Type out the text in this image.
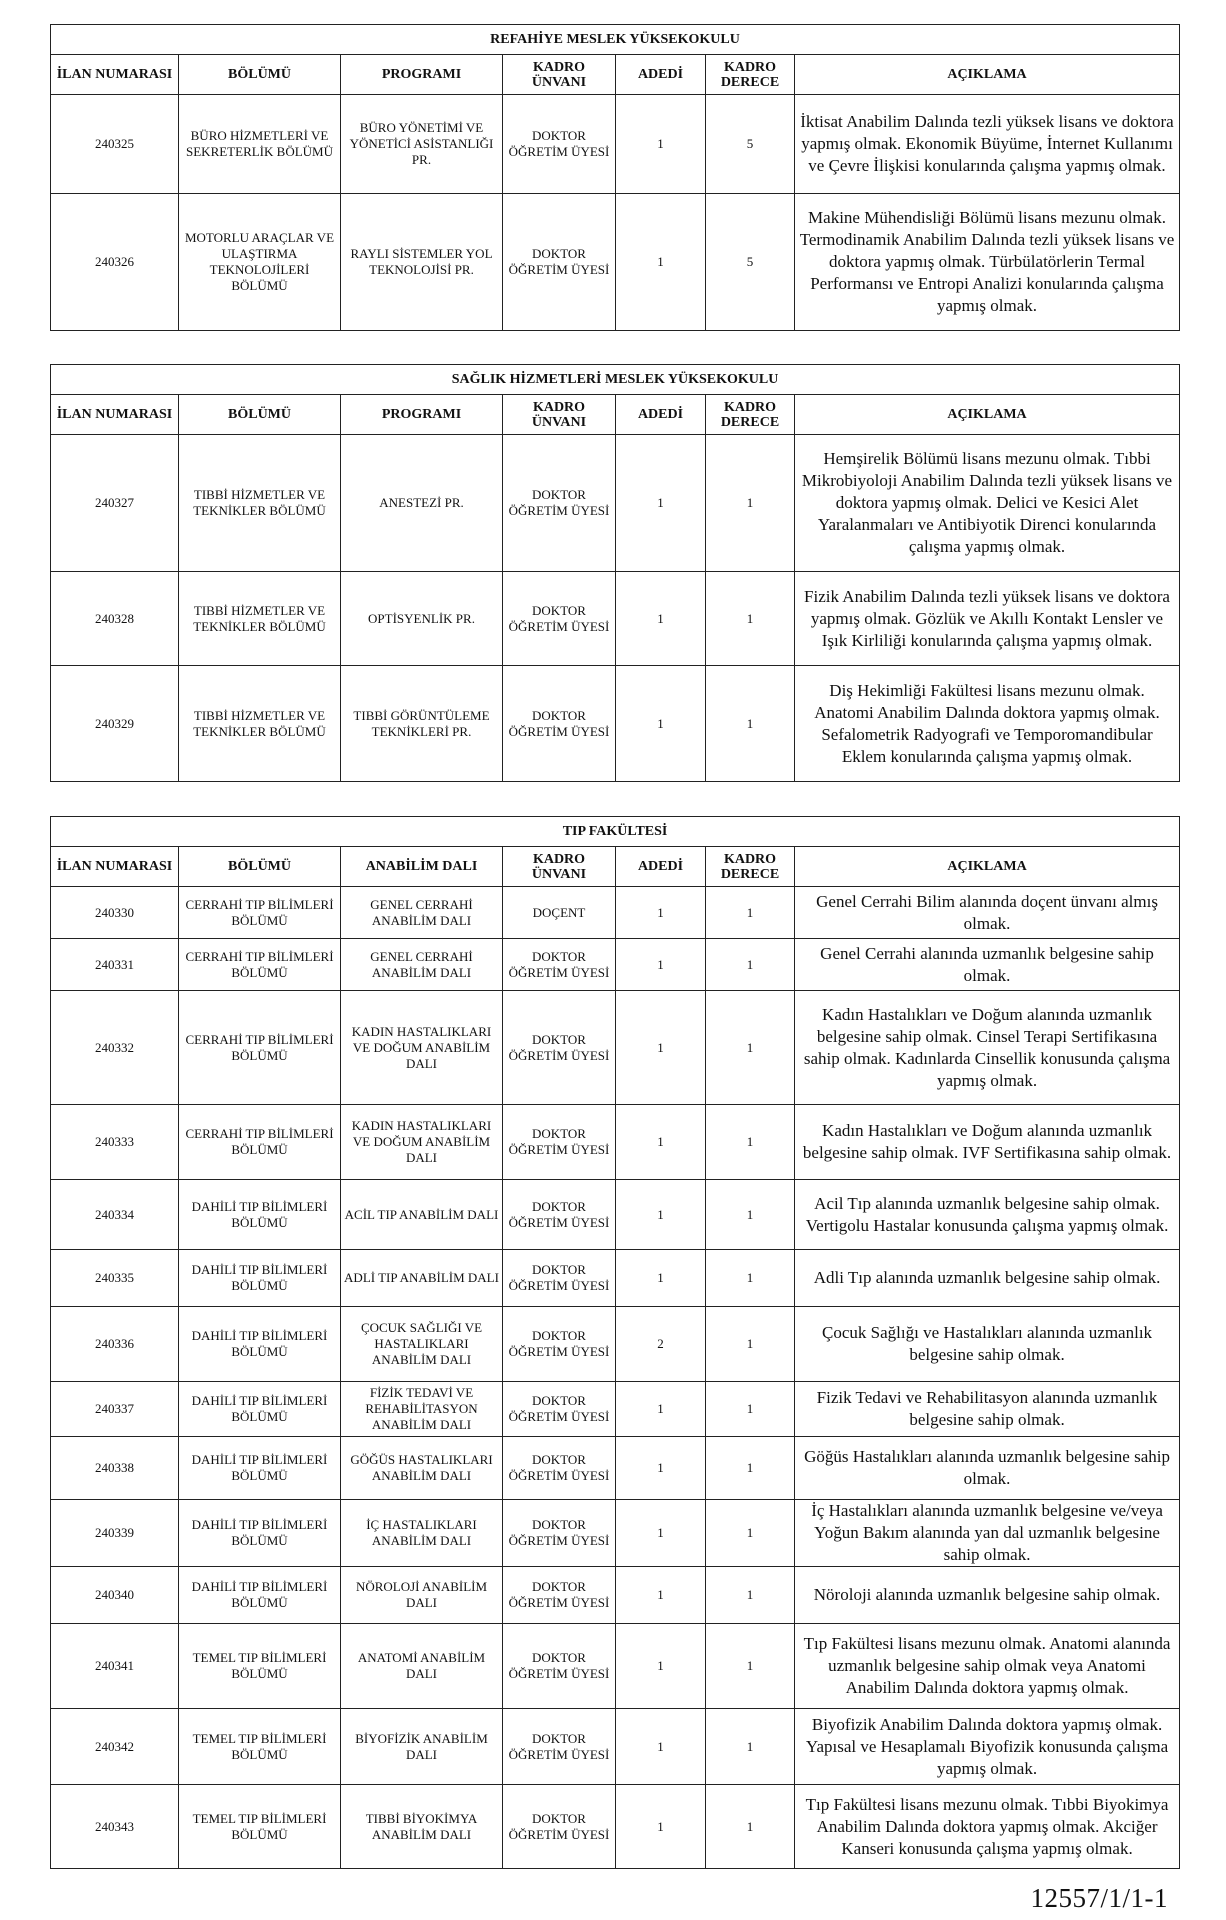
REFAHİYE MESLEK YÜKSEKOKULU						
İLAN NUMARASI	BÖLÜMÜ	PROGRAMI	KADRO ÜNVANI	ADEDİ	KADRO DERECE	AÇIKLAMA
240325	BÜRO HİZMETLERİ VE SEKRETERLİK BÖLÜMÜ	BÜRO YÖNETİMİ VE YÖNETİCİ ASİSTANLIĞI PR.	DOKTOR ÖĞRETİM ÜYESİ	1	5	İktisat Anabilim Dalında tezli yüksek lisans ve doktora yapmış olmak. Ekonomik Büyüme, İnternet Kullanımı ve Çevre İlişkisi konularında çalışma yapmış olmak.
240326	MOTORLU ARAÇLAR VE ULAŞTIRMA TEKNOLOJİLERİ BÖLÜMÜ	RAYLI SİSTEMLER YOL TEKNOLOJİSİ PR.	DOKTOR ÖĞRETİM ÜYESİ	1	5	Makine Mühendisliği Bölümü lisans mezunu olmak. Termodinamik Anabilim Dalında tezli yüksek lisans ve doktora yapmış olmak. Türbülatörlerin Termal Performansı ve Entropi Analizi konularında çalışma yapmış olmak.
SAĞLIK HİZMETLERİ MESLEK YÜKSEKOKULU						
İLAN NUMARASI	BÖLÜMÜ	PROGRAMI	KADRO ÜNVANI	ADEDİ	KADRO DERECE	AÇIKLAMA
240327	TIBBİ HİZMETLER VE TEKNİKLER BÖLÜMÜ	ANESTEZİ PR.	DOKTOR ÖĞRETİM ÜYESİ	1	1	Hemşirelik Bölümü lisans mezunu olmak. Tıbbi Mikrobiyoloji Anabilim Dalında tezli yüksek lisans ve doktora yapmış olmak. Delici ve Kesici Alet Yaralanmaları ve Antibiyotik Direnci konularında çalışma yapmış olmak.
240328	TIBBİ HİZMETLER VE TEKNİKLER BÖLÜMÜ	OPTİSYENLİK PR.	DOKTOR ÖĞRETİM ÜYESİ	1	1	Fizik Anabilim Dalında tezli yüksek lisans ve doktora yapmış olmak. Gözlük ve Akıllı Kontakt Lensler ve Işık Kirliliği konularında çalışma yapmış olmak.
240329	TIBBİ HİZMETLER VE TEKNİKLER BÖLÜMÜ	TIBBİ GÖRÜNTÜLEME TEKNİKLERİ PR.	DOKTOR ÖĞRETİM ÜYESİ	1	1	Diş Hekimliği Fakültesi lisans mezunu olmak. Anatomi Anabilim Dalında doktora yapmış olmak. Sefalometrik Radyografi ve Temporomandibular Eklem konularında çalışma yapmış olmak.
TIP FAKÜLTESİ						
İLAN NUMARASI	BÖLÜMÜ	ANABİLİM DALI	KADRO ÜNVANI	ADEDİ	KADRO DERECE	AÇIKLAMA
240330	CERRAHİ TIP BİLİMLERİ BÖLÜMÜ	GENEL CERRAHİ ANABİLİM DALI	DOÇENT	1	1	Genel Cerrahi Bilim alanında doçent ünvanı almış olmak.
240331	CERRAHİ TIP BİLİMLERİ BÖLÜMÜ	GENEL CERRAHİ ANABİLİM DALI	DOKTOR ÖĞRETİM ÜYESİ	1	1	Genel Cerrahi alanında uzmanlık belgesine sahip olmak.
240332	CERRAHİ TIP BİLİMLERİ BÖLÜMÜ	KADIN HASTALIKLARI VE DOĞUM ANABİLİM DALI	DOKTOR ÖĞRETİM ÜYESİ	1	1	Kadın Hastalıkları ve Doğum alanında uzmanlık belgesine sahip olmak. Cinsel Terapi Sertifikasına sahip olmak. Kadınlarda Cinsellik konusunda çalışma yapmış olmak.
240333	CERRAHİ TIP BİLİMLERİ BÖLÜMÜ	KADIN HASTALIKLARI VE DOĞUM ANABİLİM DALI	DOKTOR ÖĞRETİM ÜYESİ	1	1	Kadın Hastalıkları ve Doğum alanında uzmanlık belgesine sahip olmak. IVF Sertifikasına sahip olmak.
240334	DAHİLİ TIP BİLİMLERİ BÖLÜMÜ	ACİL TIP ANABİLİM DALI	DOKTOR ÖĞRETİM ÜYESİ	1	1	Acil Tıp alanında uzmanlık belgesine sahip olmak. Vertigolu Hastalar konusunda çalışma yapmış olmak.
240335	DAHİLİ TIP BİLİMLERİ BÖLÜMÜ	ADLİ TIP ANABİLİM DALI	DOKTOR ÖĞRETİM ÜYESİ	1	1	Adli Tıp alanında uzmanlık belgesine sahip olmak.
240336	DAHİLİ TIP BİLİMLERİ BÖLÜMÜ	ÇOCUK SAĞLIĞI VE HASTALIKLARI ANABİLİM DALI	DOKTOR ÖĞRETİM ÜYESİ	2	1	Çocuk Sağlığı ve Hastalıkları alanında uzmanlık belgesine sahip olmak.
240337	DAHİLİ TIP BİLİMLERİ BÖLÜMÜ	FİZİK TEDAVİ VE REHABİLİTASYON ANABİLİM DALI	DOKTOR ÖĞRETİM ÜYESİ	1	1	Fizik Tedavi ve Rehabilitasyon alanında uzmanlık belgesine sahip olmak.
240338	DAHİLİ TIP BİLİMLERİ BÖLÜMÜ	GÖĞÜS HASTALIKLARI ANABİLİM DALI	DOKTOR ÖĞRETİM ÜYESİ	1	1	Göğüs Hastalıkları alanında uzmanlık belgesine sahip olmak.
240339	DAHİLİ TIP BİLİMLERİ BÖLÜMÜ	İÇ HASTALIKLARI ANABİLİM DALI	DOKTOR ÖĞRETİM ÜYESİ	1	1	İç Hastalıkları alanında uzmanlık belgesine ve/veya Yoğun Bakım alanında yan dal uzmanlık belgesine sahip olmak.
240340	DAHİLİ TIP BİLİMLERİ BÖLÜMÜ	NÖROLOJİ ANABİLİM DALI	DOKTOR ÖĞRETİM ÜYESİ	1	1	Nöroloji alanında uzmanlık belgesine sahip olmak.
240341	TEMEL TIP BİLİMLERİ BÖLÜMÜ	ANATOMİ ANABİLİM DALI	DOKTOR ÖĞRETİM ÜYESİ	1	1	Tıp Fakültesi lisans mezunu olmak. Anatomi alanında uzmanlık belgesine sahip olmak veya Anatomi Anabilim Dalında doktora yapmış olmak.
240342	TEMEL TIP BİLİMLERİ BÖLÜMÜ	BİYOFİZİK ANABİLİM DALI	DOKTOR ÖĞRETİM ÜYESİ	1	1	Biyofizik Anabilim Dalında doktora yapmış olmak. Yapısal ve Hesaplamalı Biyofizik konusunda çalışma yapmış olmak.
240343	TEMEL TIP BİLİMLERİ BÖLÜMÜ	TIBBİ BİYOKİMYA ANABİLİM DALI	DOKTOR ÖĞRETİM ÜYESİ	1	1	Tıp Fakültesi lisans mezunu olmak. Tıbbi Biyokimya Anabilim Dalında doktora yapmış olmak. Akciğer Kanseri konusunda çalışma yapmış olmak.
12557/1/1-1
